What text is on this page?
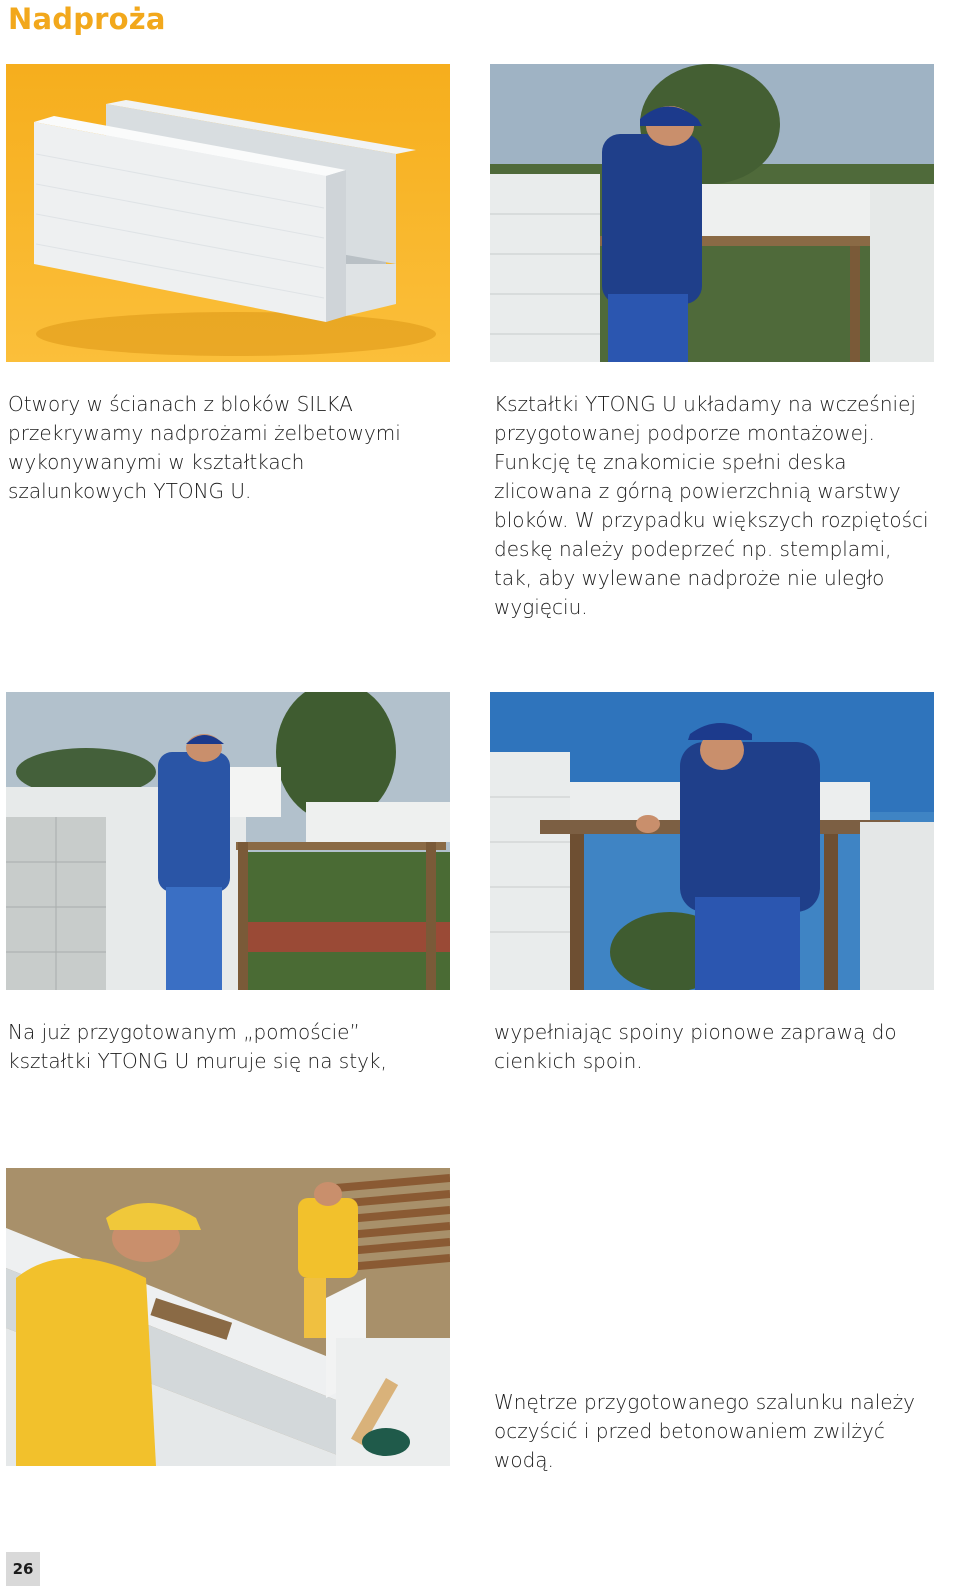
Nadproża
Otwory w ścianach z bloków SILKA przekrywamy nadprożami żelbetowymi wykonywanymi w kształtkach szalunkowych YTONG U.
Kształtki YTONG U układamy na wcześniej przygotowanej podporze montażowej. Funkcję tę znakomicie spełni deska zlicowana z górną powierzchnią warstwy bloków. W przypadku większych rozpiętości deskę należy podeprzeć np. stemplami, tak, aby wylewane nadproże nie uległo wygięciu.
Na już przygotowanym „pomoście” kształtki YTONG U muruje się na styk,
wypełniając spoiny pionowe zaprawą do cienkich spoin.
Wnętrze przygotowanego szalunku należy oczyścić i przed betonowaniem zwilżyć wodą.
26
